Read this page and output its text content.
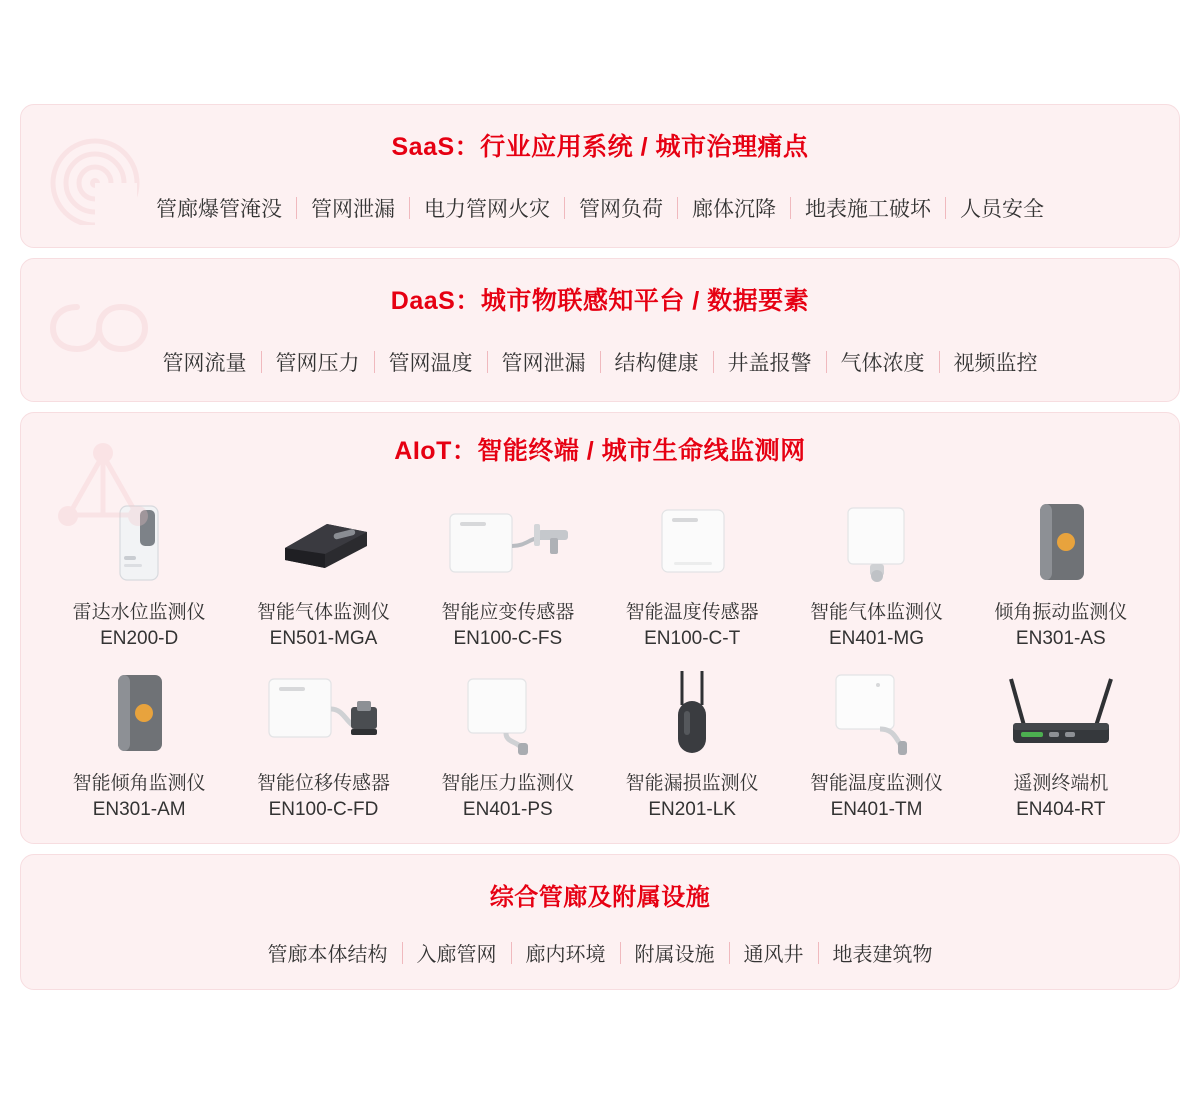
SaaS：行业应用系统 / 城市治理痛点
管廊爆管淹没	管网泄漏	电力管网火灾	管网负荷	廊体沉降	地表施工破坏	人员安全
DaaS：城市物联感知平台 / 数据要素
管网流量	管网压力	管网温度	管网泄漏	结构健康	井盖报警	气体浓度	视频监控
AIoT：智能终端 / 城市生命线监测网
雷达水位监测仪
EN200-D
智能气体监测仪
EN501-MGA
智能应变传感器
EN100-C-FS
智能温度传感器
EN100-C-T
智能气体监测仪
EN401-MG
倾角振动监测仪
EN301-AS
智能倾角监测仪
EN301-AM
智能位移传感器
EN100-C-FD
智能压力监测仪
EN401-PS
智能漏损监测仪
EN201-LK
智能温度监测仪
EN401-TM
遥测终端机
EN404-RT
综合管廊及附属设施
管廊本体结构	入廊管网	廊内环境	附属设施	通风井	地表建筑物
